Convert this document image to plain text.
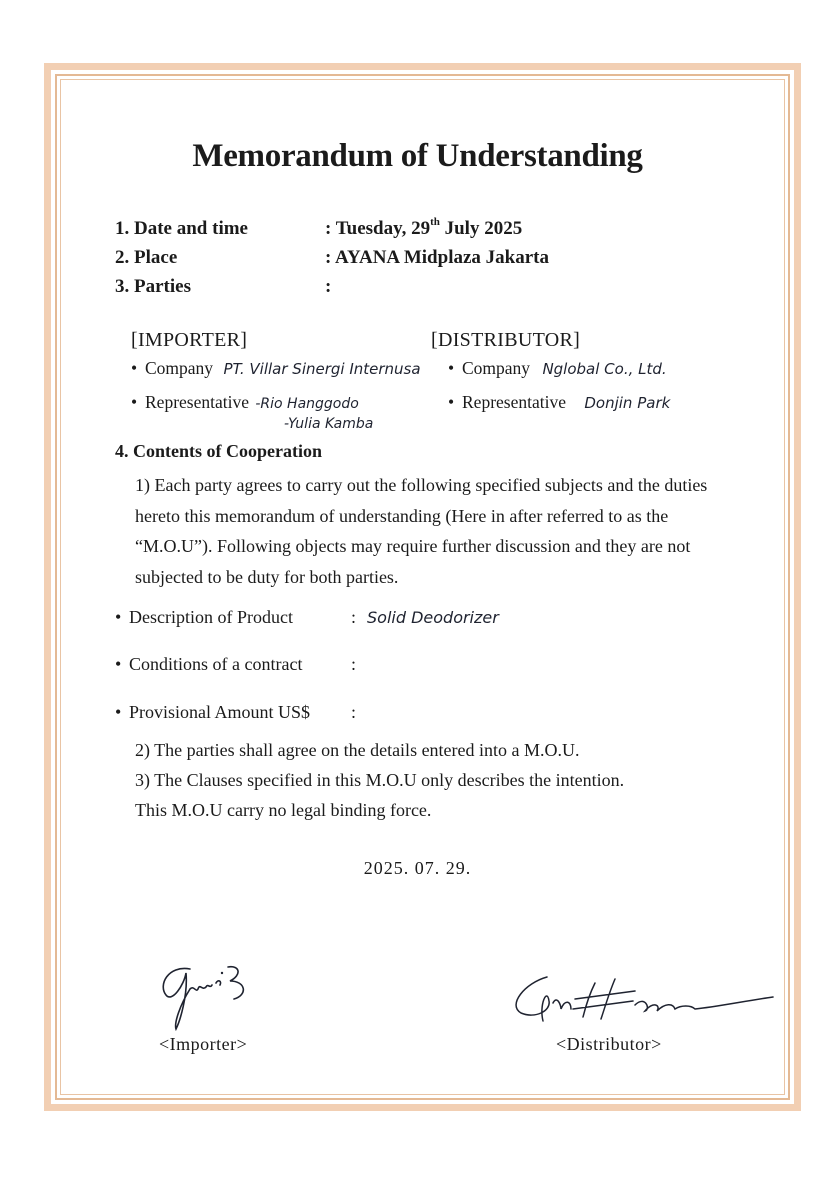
Memorandum of Understanding
1. Date and time	: Tuesday, 29th July 2025
2. Place	: AYANA Midplaza Jakarta
3. Parties	:
[IMPORTER]
• Company PT. Villar Sinergi Internusa
• Representative -Rio Hanggodo
-Yulia Kamba
[DISTRIBUTOR]
• Company Nglobal Co., Ltd.
• Representative Donjin Park
4. Contents of Cooperation
1) Each party agrees to carry out the following specified subjects and the duties hereto this memorandum of understanding (Here in after referred to as the “M.O.U”). Following objects may require further discussion and they are not subjected to be duty for both parties.
• Description of Product	: Solid Deodorizer
• Conditions of a contract	:
• Provisional Amount US$ :
2) The parties shall agree on the details entered into a M.O.U.
3) The Clauses specified in this M.O.U only describes the intention.
This M.O.U carry no legal binding force.
2025. 07. 29.
<Importer>	<Distributor>
